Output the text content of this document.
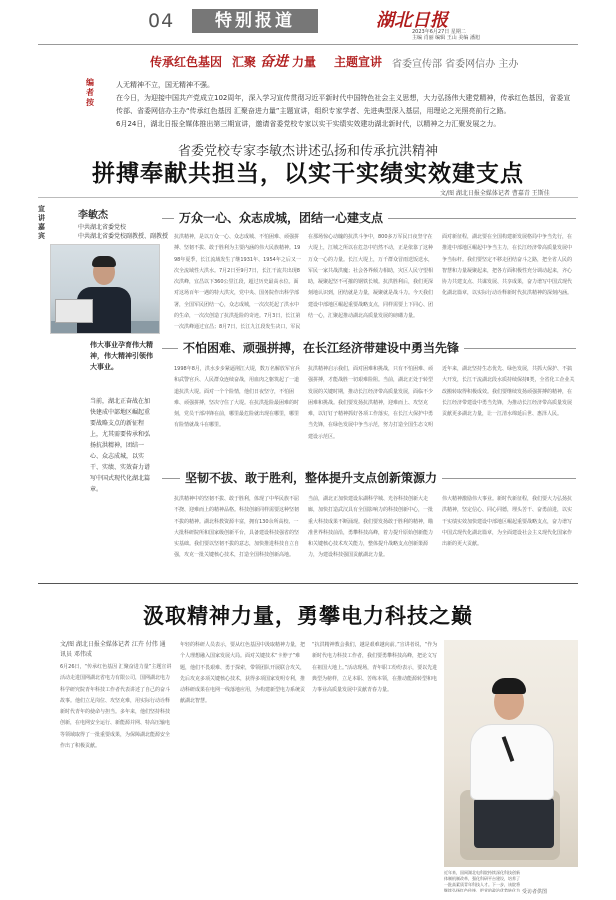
04	特别报道	湖北日报
2023年6月27日 星期二
主编 肖丽 编辑 王山 美编 潘旭
传承红色基因 汇聚 奋进 力量 主题宣讲 省委宣传部 省委网信办 主办
编者按
人无精神不立，国无精神不强。
在今日，为迎接中国共产党成立102周年，深入学习宣传贯彻习近平新时代中国特色社会主义思想，大力弘扬伟大建党精神，传承红色基因，省委宣传部、省委网信办主办“传承红色基因 汇聚奋进力量”主题宣讲，组织专家学者、先进典型深入基层，用理论之光照亮前行之路。
6月24日，湖北日报全媒体推出第三期宣讲，邀请省委党校专家以实干实绩实效建功湖北新时代，以精神之力汇聚发展之力。
省委党校专家李敏杰讲述弘扬和传承抗洪精神
拼搏奉献共担当，以实干实绩实效建支点
文/图 湖北日报全媒体记者 曹嘉青 王斯佳
宣讲嘉宾
李敏杰
中共湖北省委党校
中共湖北省委党校副教授、副教授
伟大事业孕育伟大精神，伟大精神引领伟大事业。
当前，湖北正奋战在加快建成中部地区崛起重要战略支点的新征程上，尤其需要传承和弘扬抗洪精神，团结一心、众志成城，以实干、实绩、实效奋力谱写中国式现代化湖北篇章。
万众一心、众志成城，团结一心建支点
抗洪精神，是以万众一心、众志成城、不怕困难、顽强拼搏、坚韧不拔、敢于胜利为主要内涵的伟大民族精神。1998年夏季，长江流域发生了继1931年、1954年之后又一次全流域性大洪水。7月2日至9月7日，长江干流共出现8次洪峰，宜昌以下360公里江段，超过历史最高水位。面对这场百年一遇的特大洪灾，党中央、国务院作出科学部署，全国军民团结一心，众志成城，一次次托起了洪水中的生命，一次次创造了抗洪抢险的奇迹。7月3日，长江第一次洪峰通过宜昌；8月7日，长江九江段发生决口，军民
在那场惊心动魄的抗洪斗争中，800多万军民日夜坚守在大堤上，江城之所以在危急中岿然不动，正是依靠了这种万众一心的力量。长江大堤上，万千群众冒雨送饭送水，军民一家共战洪魔；社会各界倾力相助，灾区人民守望相助，凝聚起坚不可摧的钢铁长城。抗洪胜利后，我们更深刻地认识到，团结就是力量，凝聚就是战斗力。今天我们建设中部地区崛起重要战略支点，同样需要上下同心、团结一心，汇聚起推动湖北高质量发展的磅礴力量。
面对新征程，湖北要在全国构建新发展格局中争当先行，在推进中部地区崛起中争当主力，在长江经济带高质量发展中争当标杆。我们要坚定不移走团结奋斗之路，把全省人民的智慧和力量凝聚起来，把各方面积极性充分调动起来，齐心协力共建支点、共谋发展、共享成果，奋力谱写中国式现代化湖北篇章，以实际行动诠释新时代抗洪精神的深刻内涵。
不怕困难、顽强拼搏，在长江经济带建设中勇当先锋
1998年8月，洪水步步紧逼荆江大堤，数万名解放军官兵和武警官兵、人民群众连续奋战，用血肉之躯筑起了一道道抗洪大堤。面对一个个险情，他们日夜坚守，不怕困难、顽强拼搏，坚决守住了大堤。在抗洪抢险最困难的时刻，党员干部冲锋在前，哪里最危险就出现在哪里，哪里有险情就战斗在哪里。
抗洪精神启示我们，面对困难和挑战，只有不怕困难、顽强拼搏，才能战胜一切艰难险阻。当前，湖北正处于转型发展的关键时期，推动长江经济带高质量发展，面临不少困难和挑战。我们要发扬抗洪精神，迎难而上、攻坚克难，以钉钉子精神抓好各项工作落实，在长江大保护中勇当先锋，在绿色发展中争当示范，努力打造全国生态文明建设示范区。
近年来，湖北坚持生态优先、绿色发展，共抓大保护、不搞大开发，长江干流湖北段水质持续保持Ⅱ类，全省化工企业关改搬转取得积极成效。我们要继续发扬顽强拼搏的精神，在长江经济带建设中勇当先锋，为推动长江经济带高质量发展贡献更多湖北力量，让一江清水绵延后世、惠泽人民。
坚韧不拔、敢于胜利，整体提升支点创新策源力
抗洪精神中的坚韧不拔、敢于胜利，体现了中华民族不屈不挠、迎难而上的精神品格。科技创新同样需要这种坚韧不拔的精神。湖北科教资源丰富，拥有130余所高校、一大批科研院所和国家级创新平台，具备建设科技强省的坚实基础。我们要以坚韧不拔的意志，加快推进科技自立自强，攻克一批关键核心技术，打造全国科技创新高地。
当前，湖北正加快建设东湖科学城、光谷科技创新大走廊，加快打造武汉具有全国影响力的科技创新中心，一批重大科技成果不断涌现。我们要发扬敢于胜利的精神，瞄准世界科技前沿，勇攀科技高峰，着力提升原始创新能力和关键核心技术攻关能力，整体提升战略支点创新策源力，为建设科技强国贡献湖北力量。
伟大精神激励伟大事业。新时代新征程，我们要大力弘扬抗洪精神，坚定信心、同心同德，埋头苦干、奋勇前进，以实干实绩实效加快建设中部地区崛起重要战略支点，奋力谱写中国式现代化湖北篇章，为全面建设社会主义现代化国家作出新的更大贡献。
汲取精神力量，勇攀电力科技之巅
文/图 湖北日报全媒体记者 江卉 付伟 通讯员 邓伟成
6月26日，“传承红色基因 汇聚奋进力量”主题宣讲活动走进国网湖北省电力有限公司，国网湖北电力科学研究院青年科技工作者代表讲述了自己的奋斗故事。他们立足岗位、攻坚克难，用实际行动诠释新时代青年的使命与担当。多年来，他们坚持科技创新，在电网安全运行、新能源并网、特高压输电等领域取得了一批重要成果，为保障湖北能源安全作出了积极贡献。
年轻的科研人员表示，要从红色基因中汲取精神力量，把个人理想融入国家发展大局。面对关键技术“卡脖子”难题，他们不畏艰难、勇于探索，带领团队开展联合攻关，先后攻克多项关键核心技术，获得多项国家发明专利，推动科研成果在电网一线落地应用，为构建新型电力系统贡献湖北智慧。
“抗洪精神教会我们，越是艰难越向前。”宣讲者说，“作为新时代电力科技工作者，我们要勇攀科技高峰，把论文写在祖国大地上。”活动现场，青年职工纷纷表示，要以先进典型为榜样，立足本职、苦练本领，在推动能源转型和电力事业高质量发展中贡献青春力量。
近年来，国网湖北电科院持续深化科技创新体制机制改革，强化科研平台建设，培养了一批高素质青年科技人才。下一步，该院将继续弘扬红色传统，把党的政治优势转化为 受访者供图
